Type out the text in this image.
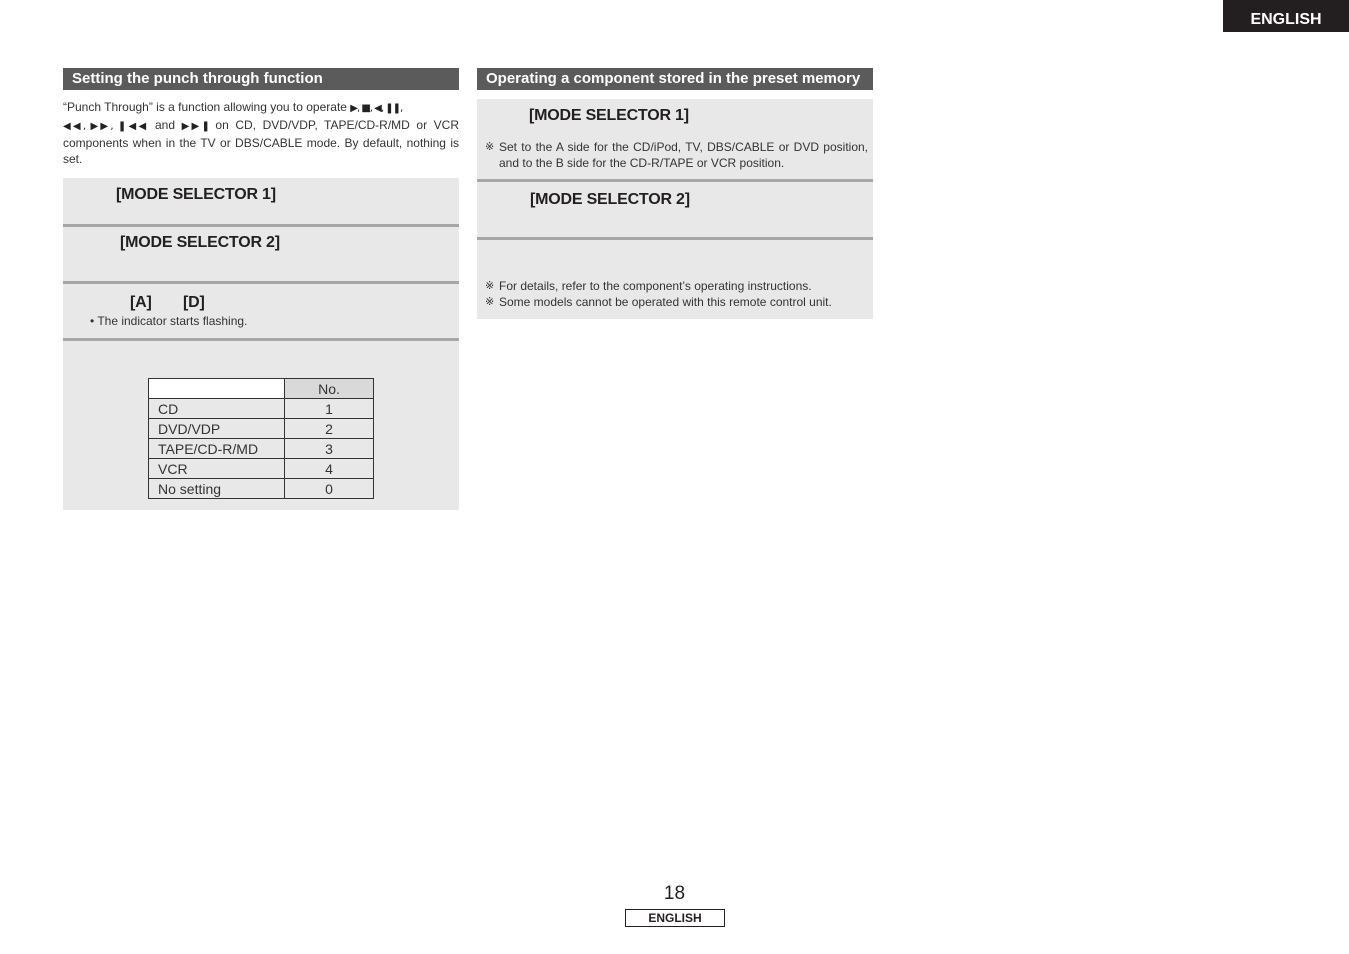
ENGLISH
Setting the punch through function
“Punch Through” is a function allowing you to operate ▶, ■, ◀, ❚❚,
◀◀, ▶▶, ❚◀◀ and ▶▶❚ on CD, DVD/VDP, TAPE/CD-R/MD or VCR components when in the TV or DBS/CABLE mode. By default, nothing is set.
[MODE SELECTOR 1]
[MODE SELECTOR 2]
[A] [D]
• The indicator starts flashing.
	No.
CD	1
DVD/VDP	2
TAPE/CD-R/MD	3
VCR	4
No setting	0
Operating a component stored in the preset memory
[MODE SELECTOR 1]
※ Set to the A side for the CD/iPod, TV, DBS/CABLE or DVD position, and to the B side for the CD-R/TAPE or VCR position.
[MODE SELECTOR 2]
※ For details, refer to the component’s operating instructions.
※ Some models cannot be operated with this remote control unit.
18
ENGLISH
